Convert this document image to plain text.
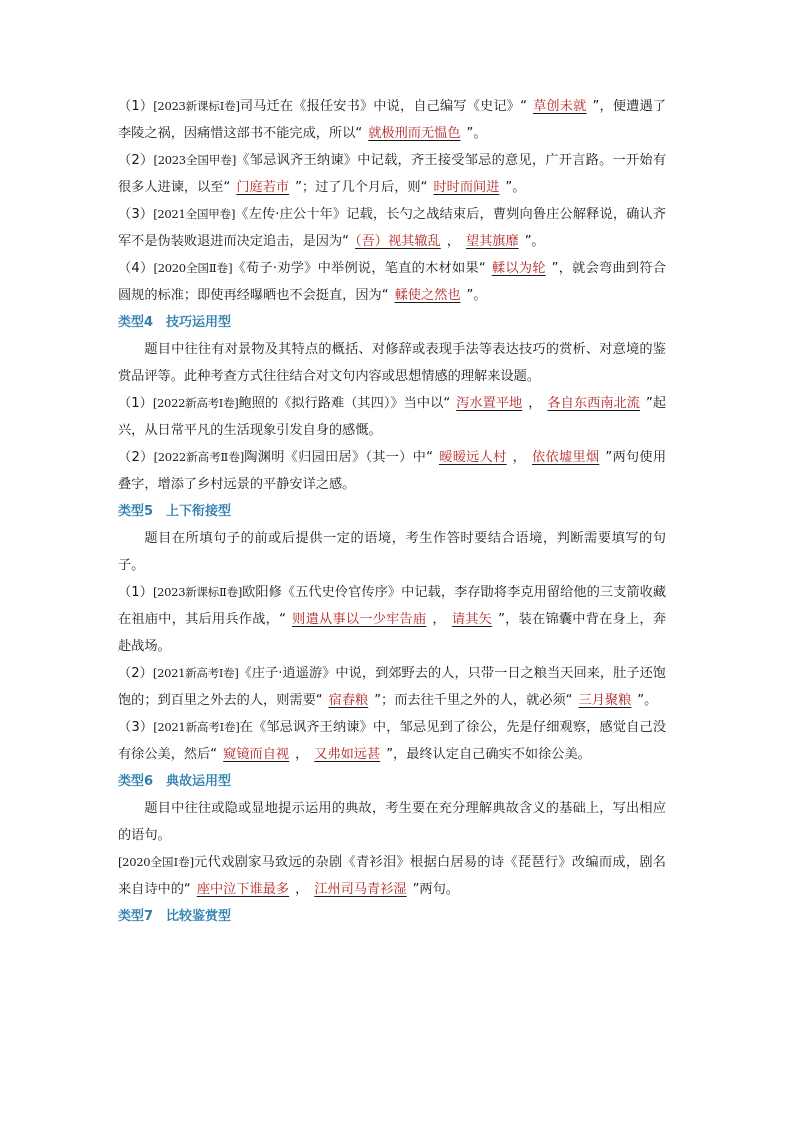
（1）[2023新课标Ⅰ卷]司马迁在《报任安书》中说，自己编写《史记》“ 草创未就 ”，便遭遇了李陵之祸，因痛惜这部书不能完成，所以“ 就极刑而无愠色 ”。

（2）[2023全国甲卷]《邹忌讽齐王纳谏》中记载，齐王接受邹忌的意见，广开言路。一开始有很多人进谏，以至“ 门庭若市 ”；过了几个月后，则“ 时时而间进 ”。

（3）[2021全国甲卷]《左传·庄公十年》记载，长勺之战结束后，曹刿向鲁庄公解释说，确认齐军不是伪装败退进而决定追击，是因为“ （吾）视其辙乱 ， 望其旗靡 ”。

（4）[2020全国Ⅱ卷]《荀子·劝学》中举例说，笔直的木材如果“ 輮以为轮 ”，就会弯曲到符合圆规的标准；即使再经曝晒也不会挺直，因为“ 輮使之然也 ”。

类型4　技巧运用型

题目中往往有对景物及其特点的概括、对修辞或表现手法等表达技巧的赏析、对意境的鉴赏品评等。此种考查方式往往结合对文句内容或思想情感的理解来设题。

（1）[2022新高考Ⅰ卷]鲍照的《拟行路难（其四）》当中以“ 泻水置平地 ， 各自东西南北流 ”起兴，从日常平凡的生活现象引发自身的感慨。

（2）[2022新高考Ⅱ卷]陶渊明《归园田居》（其一）中“ 暧暧远人村 ， 依依墟里烟 ”两句使用叠字，增添了乡村远景的平静安详之感。

类型5　上下衔接型

题目在所填句子的前或后提供一定的语境，考生作答时要结合语境，判断需要填写的句子。

（1）[2023新课标Ⅱ卷]欧阳修《五代史伶官传序》中记载，李存勖将李克用留给他的三支箭收藏在祖庙中，其后用兵作战，“ 则遣从事以一少牢告庙 ， 请其矢 ”，装在锦囊中背在身上，奔赴战场。

（2）[2021新高考Ⅰ卷]《庄子·逍遥游》中说，到郊野去的人，只带一日之粮当天回来，肚子还饱饱的；到百里之外去的人，则需要“ 宿舂粮 ”；而去往千里之外的人，就必须“ 三月聚粮 ”。

（3）[2021新高考Ⅰ卷]在《邹忌讽齐王纳谏》中，邹忌见到了徐公，先是仔细观察，感觉自己没有徐公美，然后“ 窥镜而自视 ， 又弗如远甚 ”，最终认定自己确实不如徐公美。

类型6　典故运用型

题目中往往或隐或显地提示运用的典故，考生要在充分理解典故含义的基础上，写出相应的语句。

[2020全国Ⅰ卷]元代戏剧家马致远的杂剧《青衫泪》根据白居易的诗《琵琶行》改编而成，剧名来自诗中的“ 座中泣下谁最多 ， 江州司马青衫湿 ”两句。

类型7　比较鉴赏型
